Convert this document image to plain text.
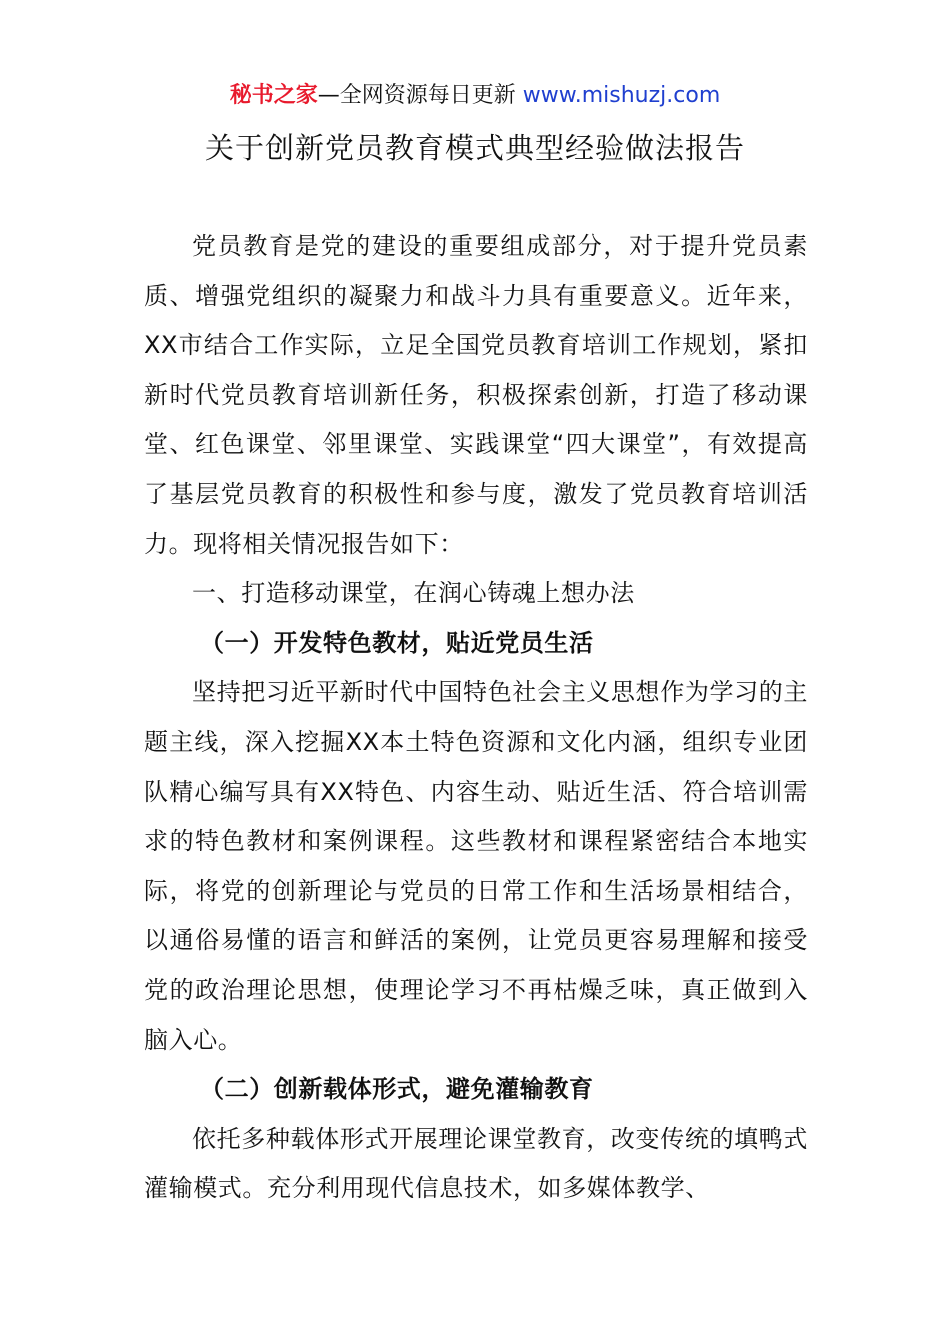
秘书之家—全网资源每日更新 www.mishuzj.com
关于创新党员教育模式典型经验做法报告

党员教育是党的建设的重要组成部分，对于提升党员素质、增强党组织的凝聚力和战斗力具有重要意义。近年来，XX市结合工作实际，立足全国党员教育培训工作规划，紧扣新时代党员教育培训新任务，积极探索创新，打造了移动课堂、红色课堂、邻里课堂、实践课堂“四大课堂”，有效提高了基层党员教育的积极性和参与度，激发了党员教育培训活力。现将相关情况报告如下：

一、打造移动课堂，在润心铸魂上想办法

（一）开发特色教材，贴近党员生活

坚持把习近平新时代中国特色社会主义思想作为学习的主题主线，深入挖掘XX本土特色资源和文化内涵，组织专业团队精心编写具有XX特色、内容生动、贴近生活、符合培训需求的特色教材和案例课程。这些教材和课程紧密结合本地实际，将党的创新理论与党员的日常工作和生活场景相结合，以通俗易懂的语言和鲜活的案例，让党员更容易理解和接受党的政治理论思想，使理论学习不再枯燥乏味，真正做到入脑入心。

（二）创新载体形式，避免灌输教育

依托多种载体形式开展理论课堂教育，改变传统的填鸭式灌输模式。充分利用现代信息技术，如多媒体教学、
